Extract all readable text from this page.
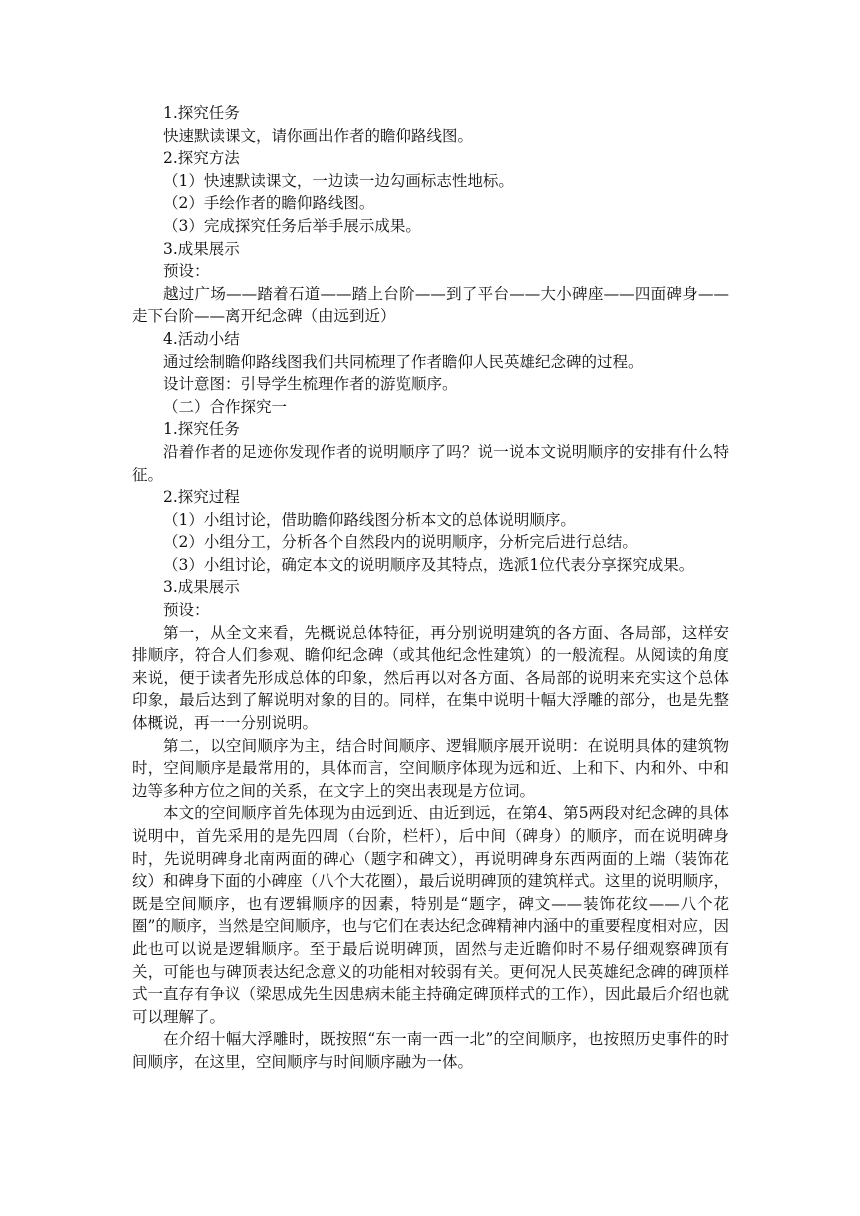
1.探究任务
快速默读课文，请你画出作者的瞻仰路线图。
2.探究方法
（1）快速默读课文，一边读一边勾画标志性地标。
（2）手绘作者的瞻仰路线图。
（3）完成探究任务后举手展示成果。
3.成果展示
预设：
越过广场——踏着石道——踏上台阶——到了平台——大小碑座——四面碑身——走下台阶——离开纪念碑（由远到近）
4.活动小结
通过绘制瞻仰路线图我们共同梳理了作者瞻仰人民英雄纪念碑的过程。
设计意图：引导学生梳理作者的游览顺序。
（二）合作探究一
1.探究任务
沿着作者的足迹你发现作者的说明顺序了吗？说一说本文说明顺序的安排有什么特征。
2.探究过程
（1）小组讨论，借助瞻仰路线图分析本文的总体说明顺序。
（2）小组分工，分析各个自然段内的说明顺序，分析完后进行总结。
（3）小组讨论，确定本文的说明顺序及其特点，选派1位代表分享探究成果。
3.成果展示
预设：
第一，从全文来看，先概说总体特征，再分别说明建筑的各方面、各局部，这样安排顺序，符合人们参观、瞻仰纪念碑（或其他纪念性建筑）的一般流程。从阅读的角度来说，便于读者先形成总体的印象，然后再以对各方面、各局部的说明来充实这个总体印象，最后达到了解说明对象的目的。同样，在集中说明十幅大浮雕的部分，也是先整体概说，再一一分别说明。
第二，以空间顺序为主，结合时间顺序、逻辑顺序展开说明：在说明具体的建筑物时，空间顺序是最常用的，具体而言，空间顺序体现为远和近、上和下、内和外、中和边等多种方位之间的关系，在文字上的突出表现是方位词。
本文的空间顺序首先体现为由远到近、由近到远，在第4、第5两段对纪念碑的具体说明中，首先采用的是先四周（台阶，栏杆），后中间（碑身）的顺序，而在说明碑身时，先说明碑身北南两面的碑心（题字和碑文），再说明碑身东西两面的上端（装饰花纹）和碑身下面的小碑座（八个大花圈），最后说明碑顶的建筑样式。这里的说明顺序，既是空间顺序，也有逻辑顺序的因素，特别是“题字，碑文——装饰花纹——八个花圈”的顺序，当然是空间顺序，也与它们在表达纪念碑精神内涵中的重要程度相对应，因此也可以说是逻辑顺序。至于最后说明碑顶，固然与走近瞻仰时不易仔细观察碑顶有关，可能也与碑顶表达纪念意义的功能相对较弱有关。更何况人民英雄纪念碑的碑顶样式一直存有争议（梁思成先生因患病未能主持确定碑顶样式的工作），因此最后介绍也就可以理解了。
在介绍十幅大浮雕时，既按照“东一南一西一北”的空间顺序，也按照历史事件的时间顺序，在这里，空间顺序与时间顺序融为一体。
